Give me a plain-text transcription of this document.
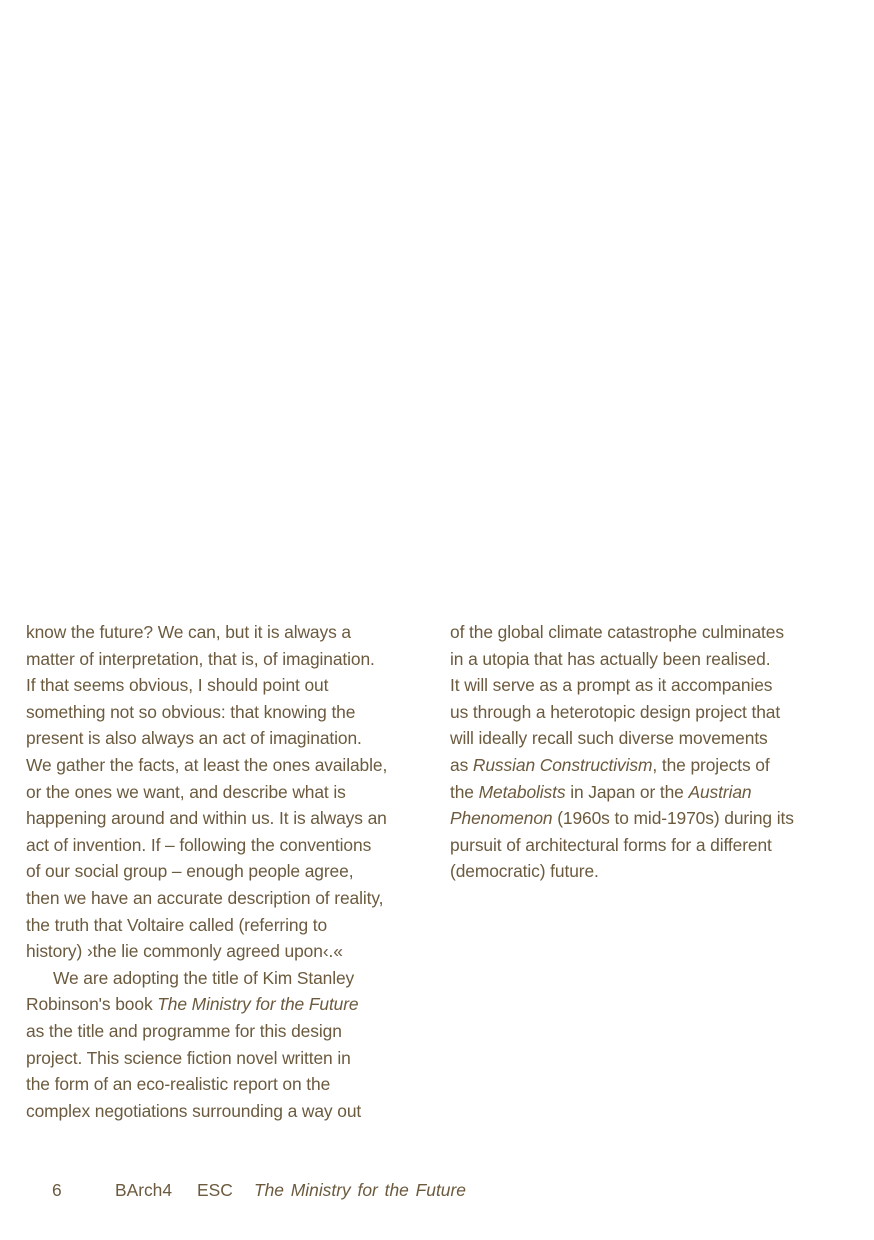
know the future? We can, but it is always a
matter of interpretation, that is, of imagination.
If that seems obvious, I should point out
something not so obvious: that knowing the
present is also always an act of imagination.
We gather the facts, at least the ones available,
or the ones we want, and describe what is
happening around and within us. It is always an
act of invention. If – following the conventions
of our social group – enough people agree,
then we have an accurate description of reality,
the truth that Voltaire called (referring to
history) ›the lie commonly agreed upon‹.«
We are adopting the title of Kim Stanley
Robinson's book The Ministry for the Future
as the title and programme for this design
project. This science fiction novel written in
the form of an eco-realistic report on the
complex negotiations surrounding a way out
of the global climate catastrophe culminates
in a utopia that has actually been realised.
It will serve as a prompt as it accompanies
us through a heterotopic design project that
will ideally recall such diverse movements
as Russian Constructivism, the projects of
the Metabolists in Japan or the Austrian
Phenomenon (1960s to mid-1970s) during its
pursuit of architectural forms for a different
(democratic) future.
6	BArch4 ESC The Ministry for the Future
